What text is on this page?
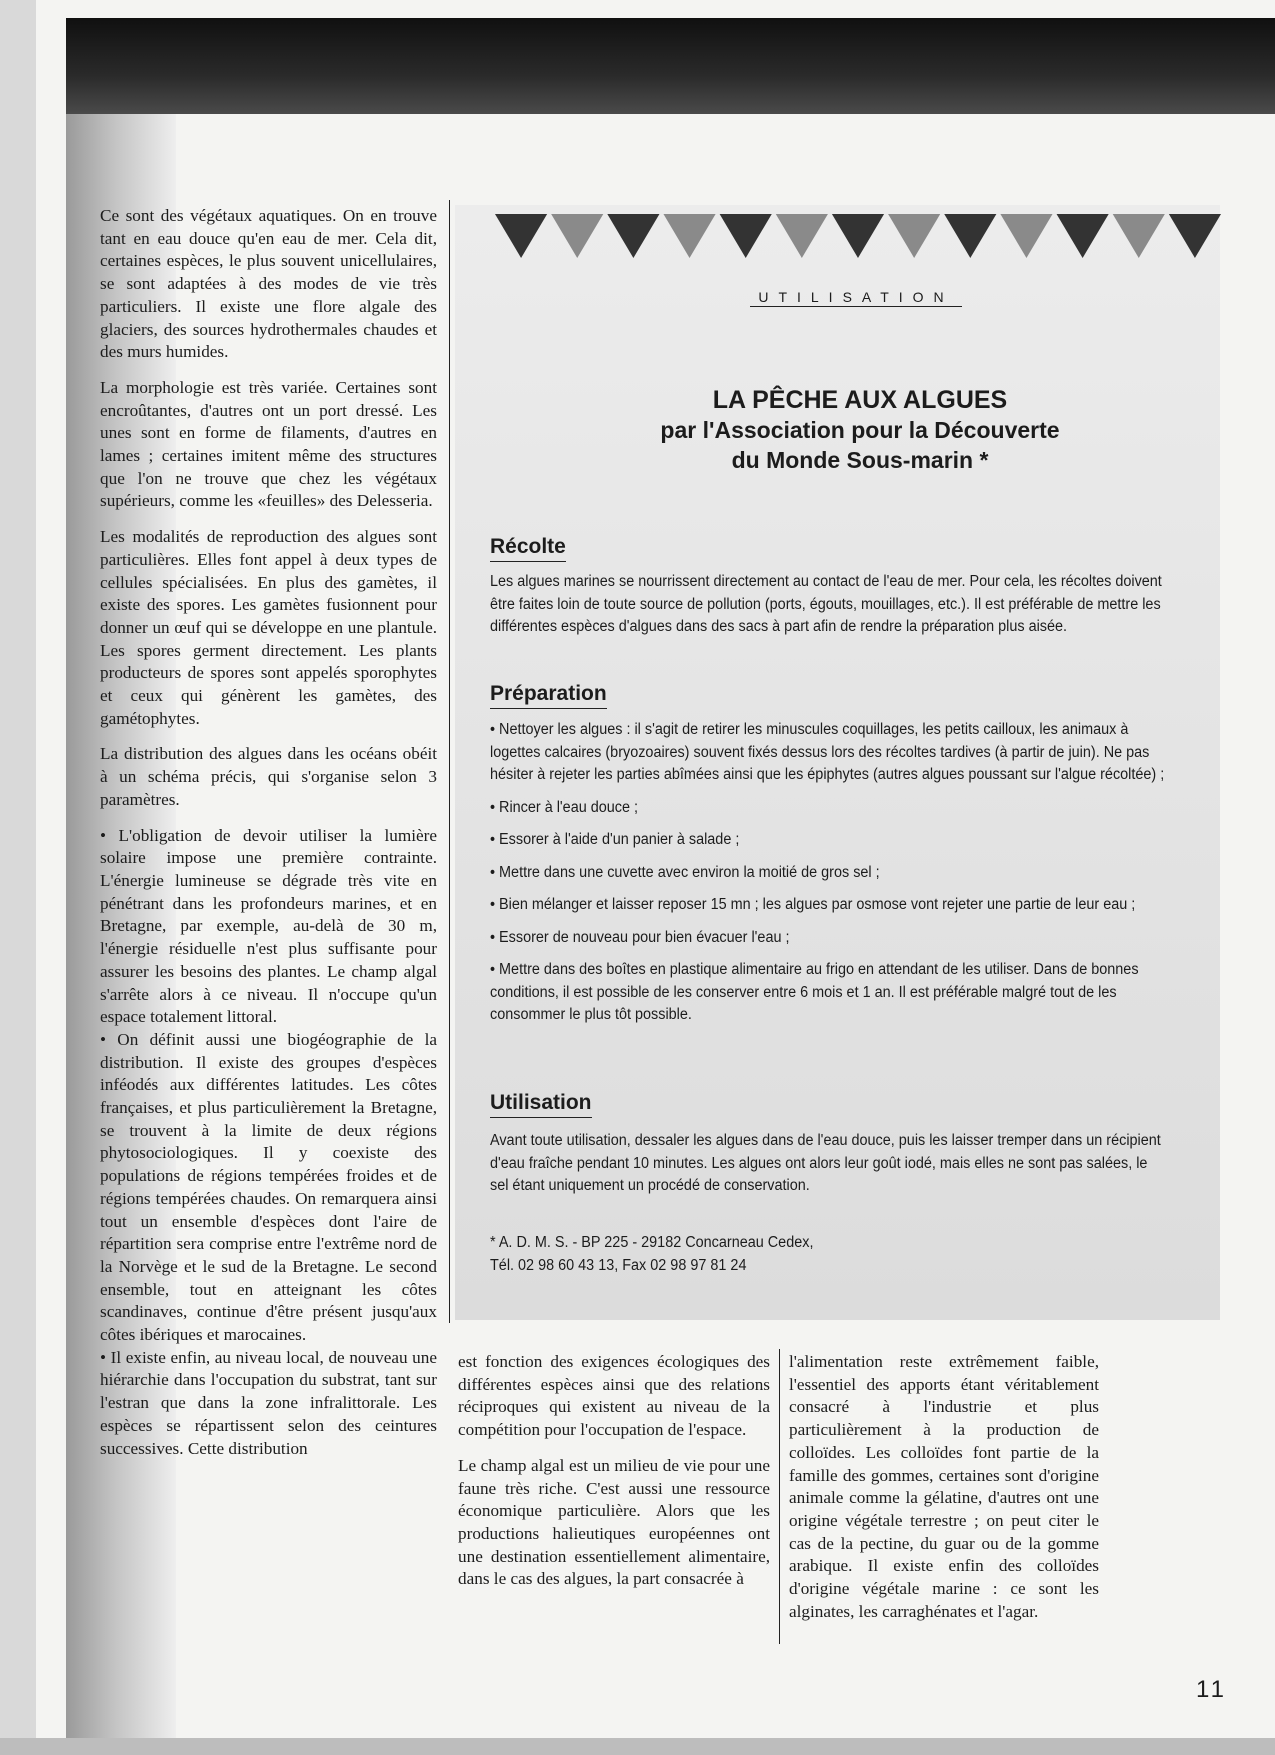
Ce sont des végétaux aquatiques. On en trouve tant en eau douce qu'en eau de mer. Cela dit, certaines espèces, le plus souvent unicellulaires, se sont adaptées à des modes de vie très particuliers. Il existe une flore algale des glaciers, des sources hydrothermales chaudes et des murs humides.

La morphologie est très variée. Certaines sont encroûtantes, d'autres ont un port dressé. Les unes sont en forme de filaments, d'autres en lames ; certaines imitent même des structures que l'on ne trouve que chez les végétaux supérieurs, comme les «feuilles» des Delesseria.

Les modalités de reproduction des algues sont particulières. Elles font appel à deux types de cellules spécialisées. En plus des gamètes, il existe des spores. Les gamètes fusionnent pour donner un œuf qui se développe en une plantule. Les spores germent directement. Les plants producteurs de spores sont appelés sporophytes et ceux qui génèrent les gamètes, des gamétophytes.

La distribution des algues dans les océans obéit à un schéma précis, qui s'organise selon 3 paramètres.

• L'obligation de devoir utiliser la lumière solaire impose une première contrainte. L'énergie lumineuse se dégrade très vite en pénétrant dans les profondeurs marines, et en Bretagne, par exemple, au-delà de 30 m, l'énergie résiduelle n'est plus suffisante pour assurer les besoins des plantes. Le champ algal s'arrête alors à ce niveau. Il n'occupe qu'un espace totalement littoral.

• On définit aussi une biogéographie de la distribution. Il existe des groupes d'espèces inféodés aux différentes latitudes. Les côtes françaises, et plus particulièrement la Bretagne, se trouvent à la limite de deux régions phytosociologiques. Il y coexiste des populations de régions tempérées froides et de régions tempérées chaudes. On remarquera ainsi tout un ensemble d'espèces dont l'aire de répartition sera comprise entre l'extrême nord de la Norvège et le sud de la Bretagne. Le second ensemble, tout en atteignant les côtes scandinaves, continue d'être présent jusqu'aux côtes ibériques et marocaines.

• Il existe enfin, au niveau local, de nouveau une hiérarchie dans l'occupation du substrat, tant sur l'estran que dans la zone infralittorale. Les espèces se répartissent selon des ceintures successives. Cette distribution

UTILISATION
LA PÊCHE AUX ALGUES
par l'Association pour la Découverte
du Monde Sous-marin *
Récolte

Les algues marines se nourrissent directement au contact de l'eau de mer. Pour cela, les récoltes doivent être faites loin de toute source de pollution (ports, égouts, mouillages, etc.). Il est préférable de mettre les différentes espèces d'algues dans des sacs à part afin de rendre la préparation plus aisée.

Préparation

• Nettoyer les algues : il s'agit de retirer les minuscules coquillages, les petits cailloux, les animaux à logettes calcaires (bryozoaires) souvent fixés dessus lors des récoltes tardives (à partir de juin). Ne pas hésiter à rejeter les parties abîmées ainsi que les épiphytes (autres algues poussant sur l'algue récoltée) ;

• Rincer à l'eau douce ;

• Essorer à l'aide d'un panier à salade ;

• Mettre dans une cuvette avec environ la moitié de gros sel ;

• Bien mélanger et laisser reposer 15 mn ; les algues par osmose vont rejeter une partie de leur eau ;

• Essorer de nouveau pour bien évacuer l'eau ;

• Mettre dans des boîtes en plastique alimentaire au frigo en attendant de les utiliser. Dans de bonnes conditions, il est possible de les conserver entre 6 mois et 1 an. Il est préférable malgré tout de les consommer le plus tôt possible.

Utilisation

Avant toute utilisation, dessaler les algues dans de l'eau douce, puis les laisser tremper dans un récipient d'eau fraîche pendant 10 minutes. Les algues ont alors leur goût iodé, mais elles ne sont pas salées, le sel étant uniquement un procédé de conservation.

* A. D. M. S. - BP 225 - 29182 Concarneau Cedex,
Tél. 02 98 60 43 13, Fax 02 98 97 81 24

est fonction des exigences écologiques des différentes espèces ainsi que des relations réciproques qui existent au niveau de la compétition pour l'occupation de l'espace.

Le champ algal est un milieu de vie pour une faune très riche. C'est aussi une ressource économique particulière. Alors que les productions halieutiques européennes ont une destination essentiellement alimentaire, dans le cas des algues, la part consacrée à

l'alimentation reste extrêmement faible, l'essentiel des apports étant véritablement consacré à l'industrie et plus particulièrement à la production de colloïdes. Les colloïdes font partie de la famille des gommes, certaines sont d'origine animale comme la gélatine, d'autres ont une origine végétale terrestre ; on peut citer le cas de la pectine, du guar ou de la gomme arabique. Il existe enfin des colloïdes d'origine végétale marine : ce sont les alginates, les carraghénates et l'agar.

11
